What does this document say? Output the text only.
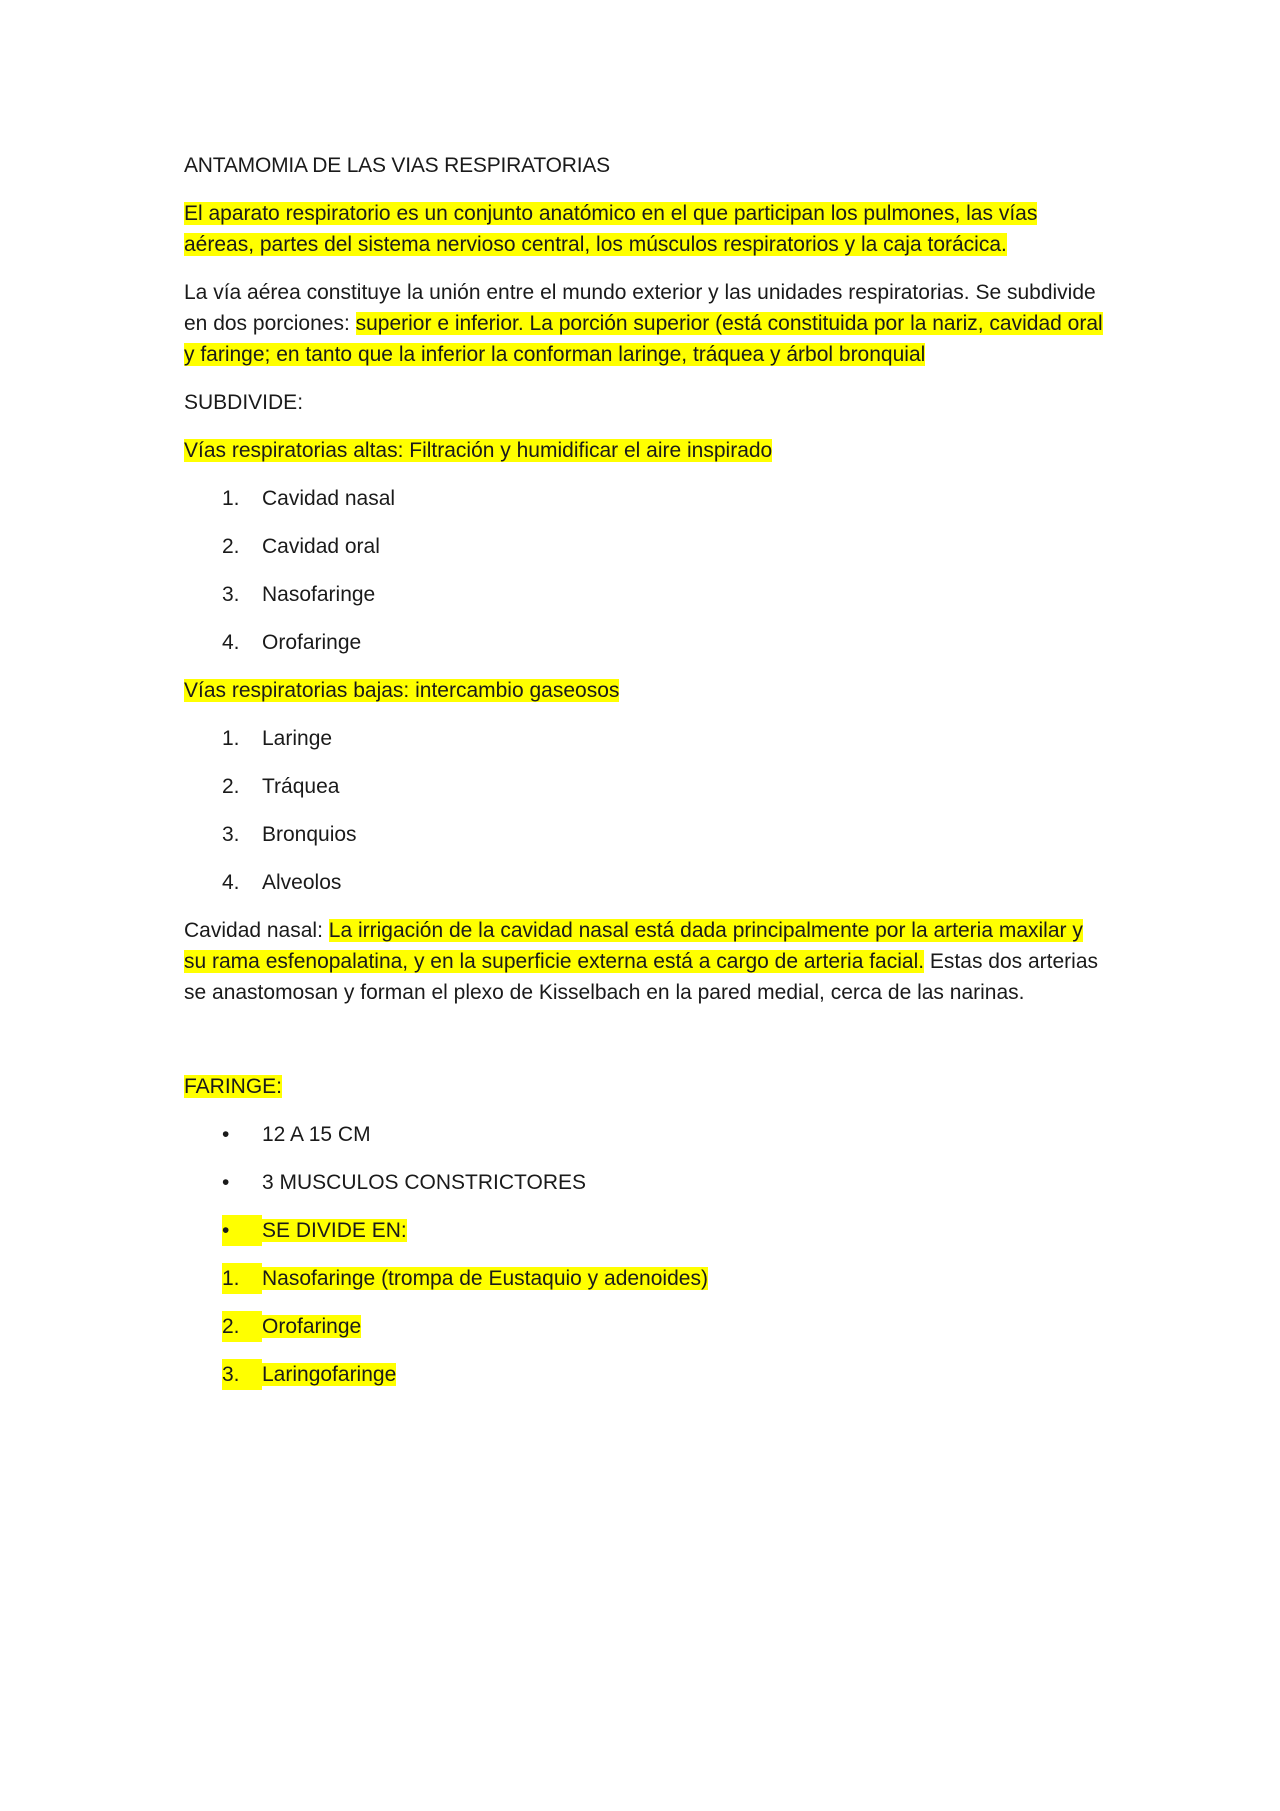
ANTAMOMIA DE LAS VIAS RESPIRATORIAS

El aparato respiratorio es un conjunto anatómico en el que participan los pulmones, las vías aéreas, partes del sistema nervioso central, los músculos respiratorios y la caja torácica.

La vía aérea constituye la unión entre el mundo exterior y las unidades respiratorias. Se subdivide en dos porciones: superior e inferior. La porción superior (está constituida por la nariz, cavidad oral y faringe; en tanto que la inferior la conforman laringe, tráquea y árbol bronquial

SUBDIVIDE:

Vías respiratorias altas: Filtración y humidificar el aire inspirado

1.	Cavidad nasal
2.	Cavidad oral
3.	Nasofaringe
4.	Orofaringe

Vías respiratorias bajas: intercambio gaseosos

1.	Laringe
2.	Tráquea
3.	Bronquios
4.	Alveolos

Cavidad nasal: La irrigación de la cavidad nasal está dada principalmente por la arteria maxilar y su rama esfenopalatina, y en la superficie externa está a cargo de arteria facial. Estas dos arterias se anastomosan y forman el plexo de Kisselbach en la pared medial, cerca de las narinas.

FARINGE:

•	12 A 15 CM
•	3 MUSCULOS CONSTRICTORES
•	SE DIVIDE EN:
1.	Nasofaringe (trompa de Eustaquio y adenoides)
2.	Orofaringe
3.	Laringofaringe
